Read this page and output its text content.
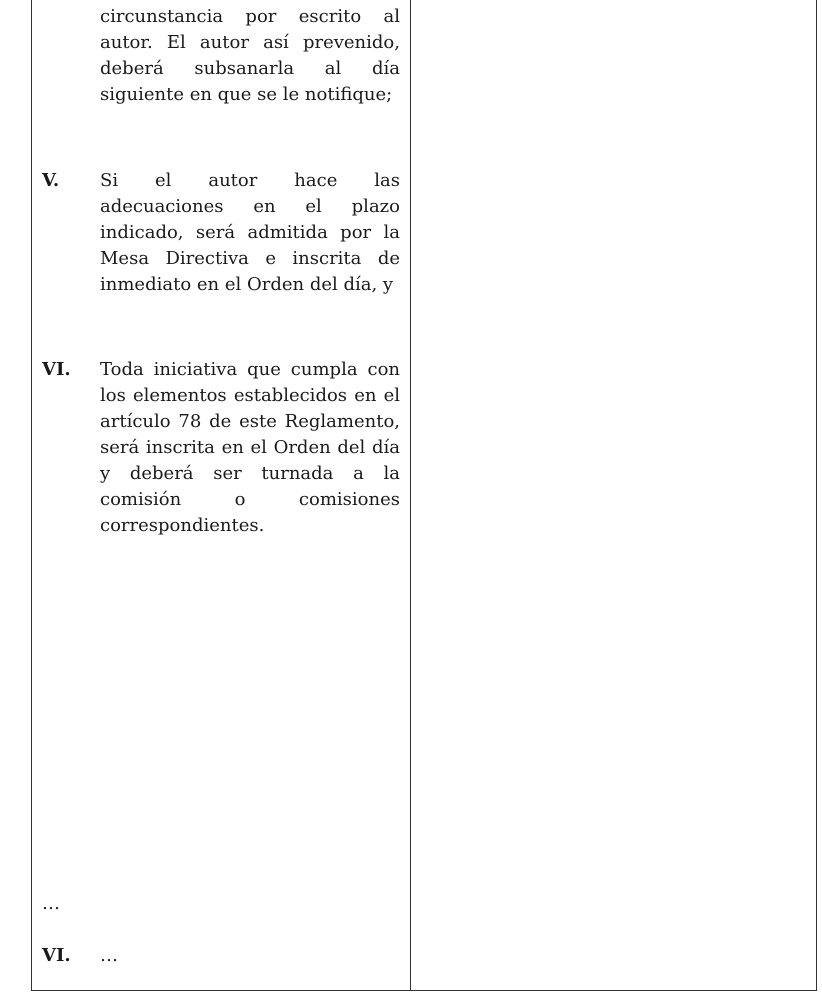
circunstancia por escrito al autor. El autor así prevenido, deberá subsanarla al día siguiente en que se le notifique;

V. Si el autor hace las adecuaciones en el plazo indicado, será admitida por la Mesa Directiva e inscrita de inmediato en el Orden del día, y

VI. Toda iniciativa que cumpla con los elementos establecidos en el artículo 78 de este Reglamento, será inscrita en el Orden del día y deberá ser turnada a la comisión o comisiones correspondientes.

…

VI. …
